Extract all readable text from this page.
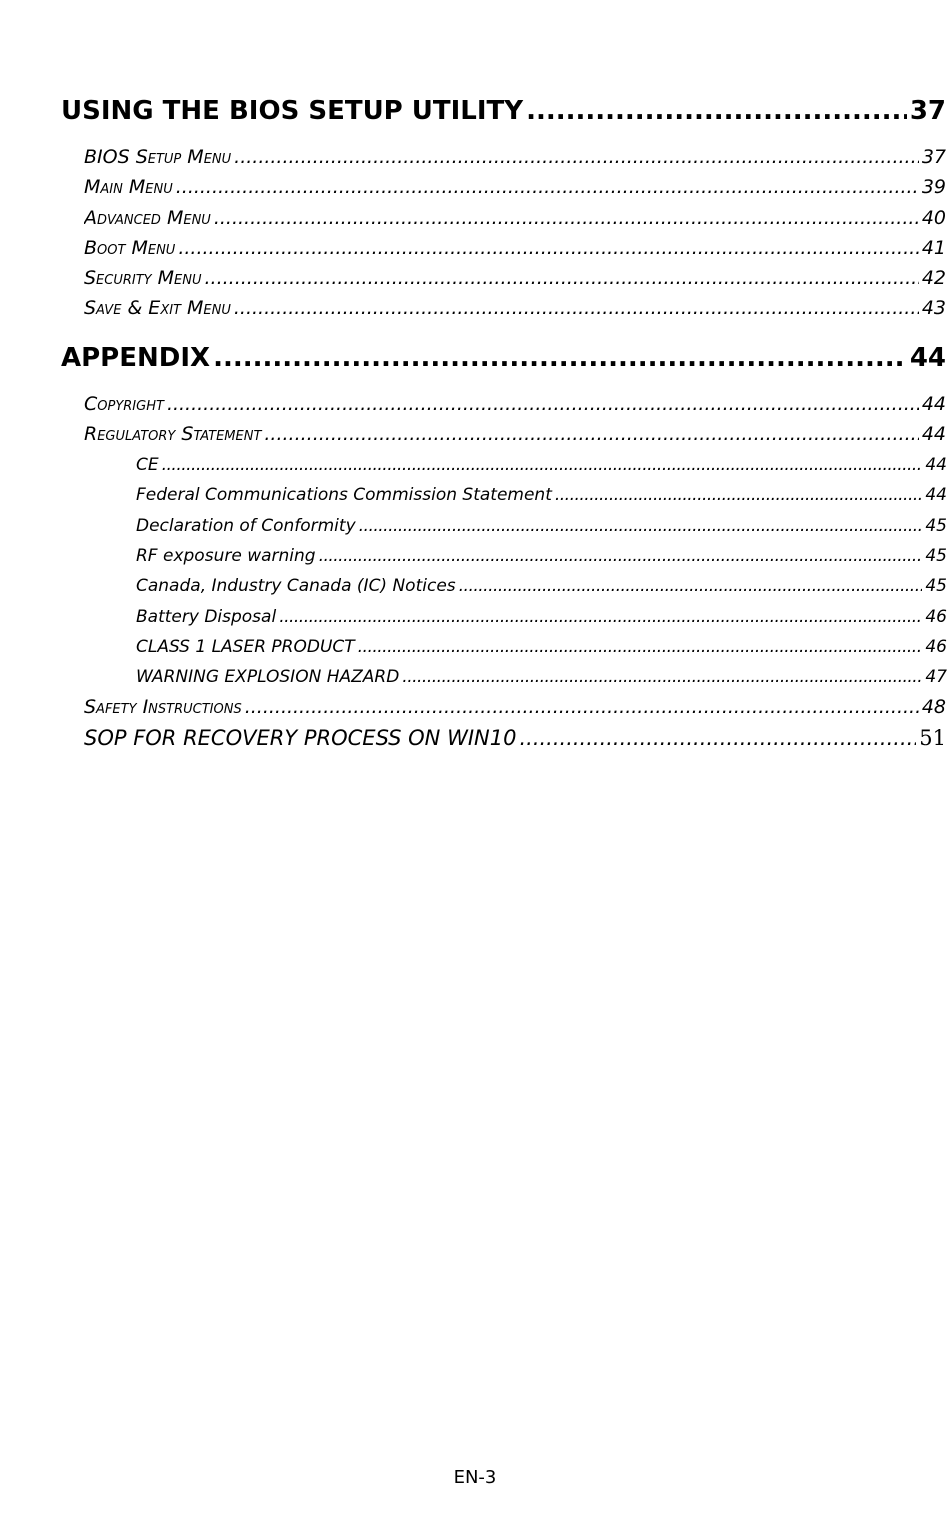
USING THE BIOS SETUP UTILITY .....	37
BIOS Setup Menu .....	37
Main Menu .....	39
Advanced Menu .....	40
Boot Menu .....	41
Security Menu .....	42
Save & Exit Menu .....	43
APPENDIX .....	44
Copyright .....	44
Regulatory Statement .....	44
CE .....	44
Federal Communications Commission Statement .....	44
Declaration of Conformity .....	45
RF exposure warning .....	45
Canada, Industry Canada (IC) Notices .....	45
Battery Disposal .....	46
CLASS 1 LASER PRODUCT .....	46
WARNING EXPLOSION HAZARD .....	47
Safety Instructions .....	48
SOP FOR RECOVERY PROCESS ON WIN10 .....	51
EN-3
